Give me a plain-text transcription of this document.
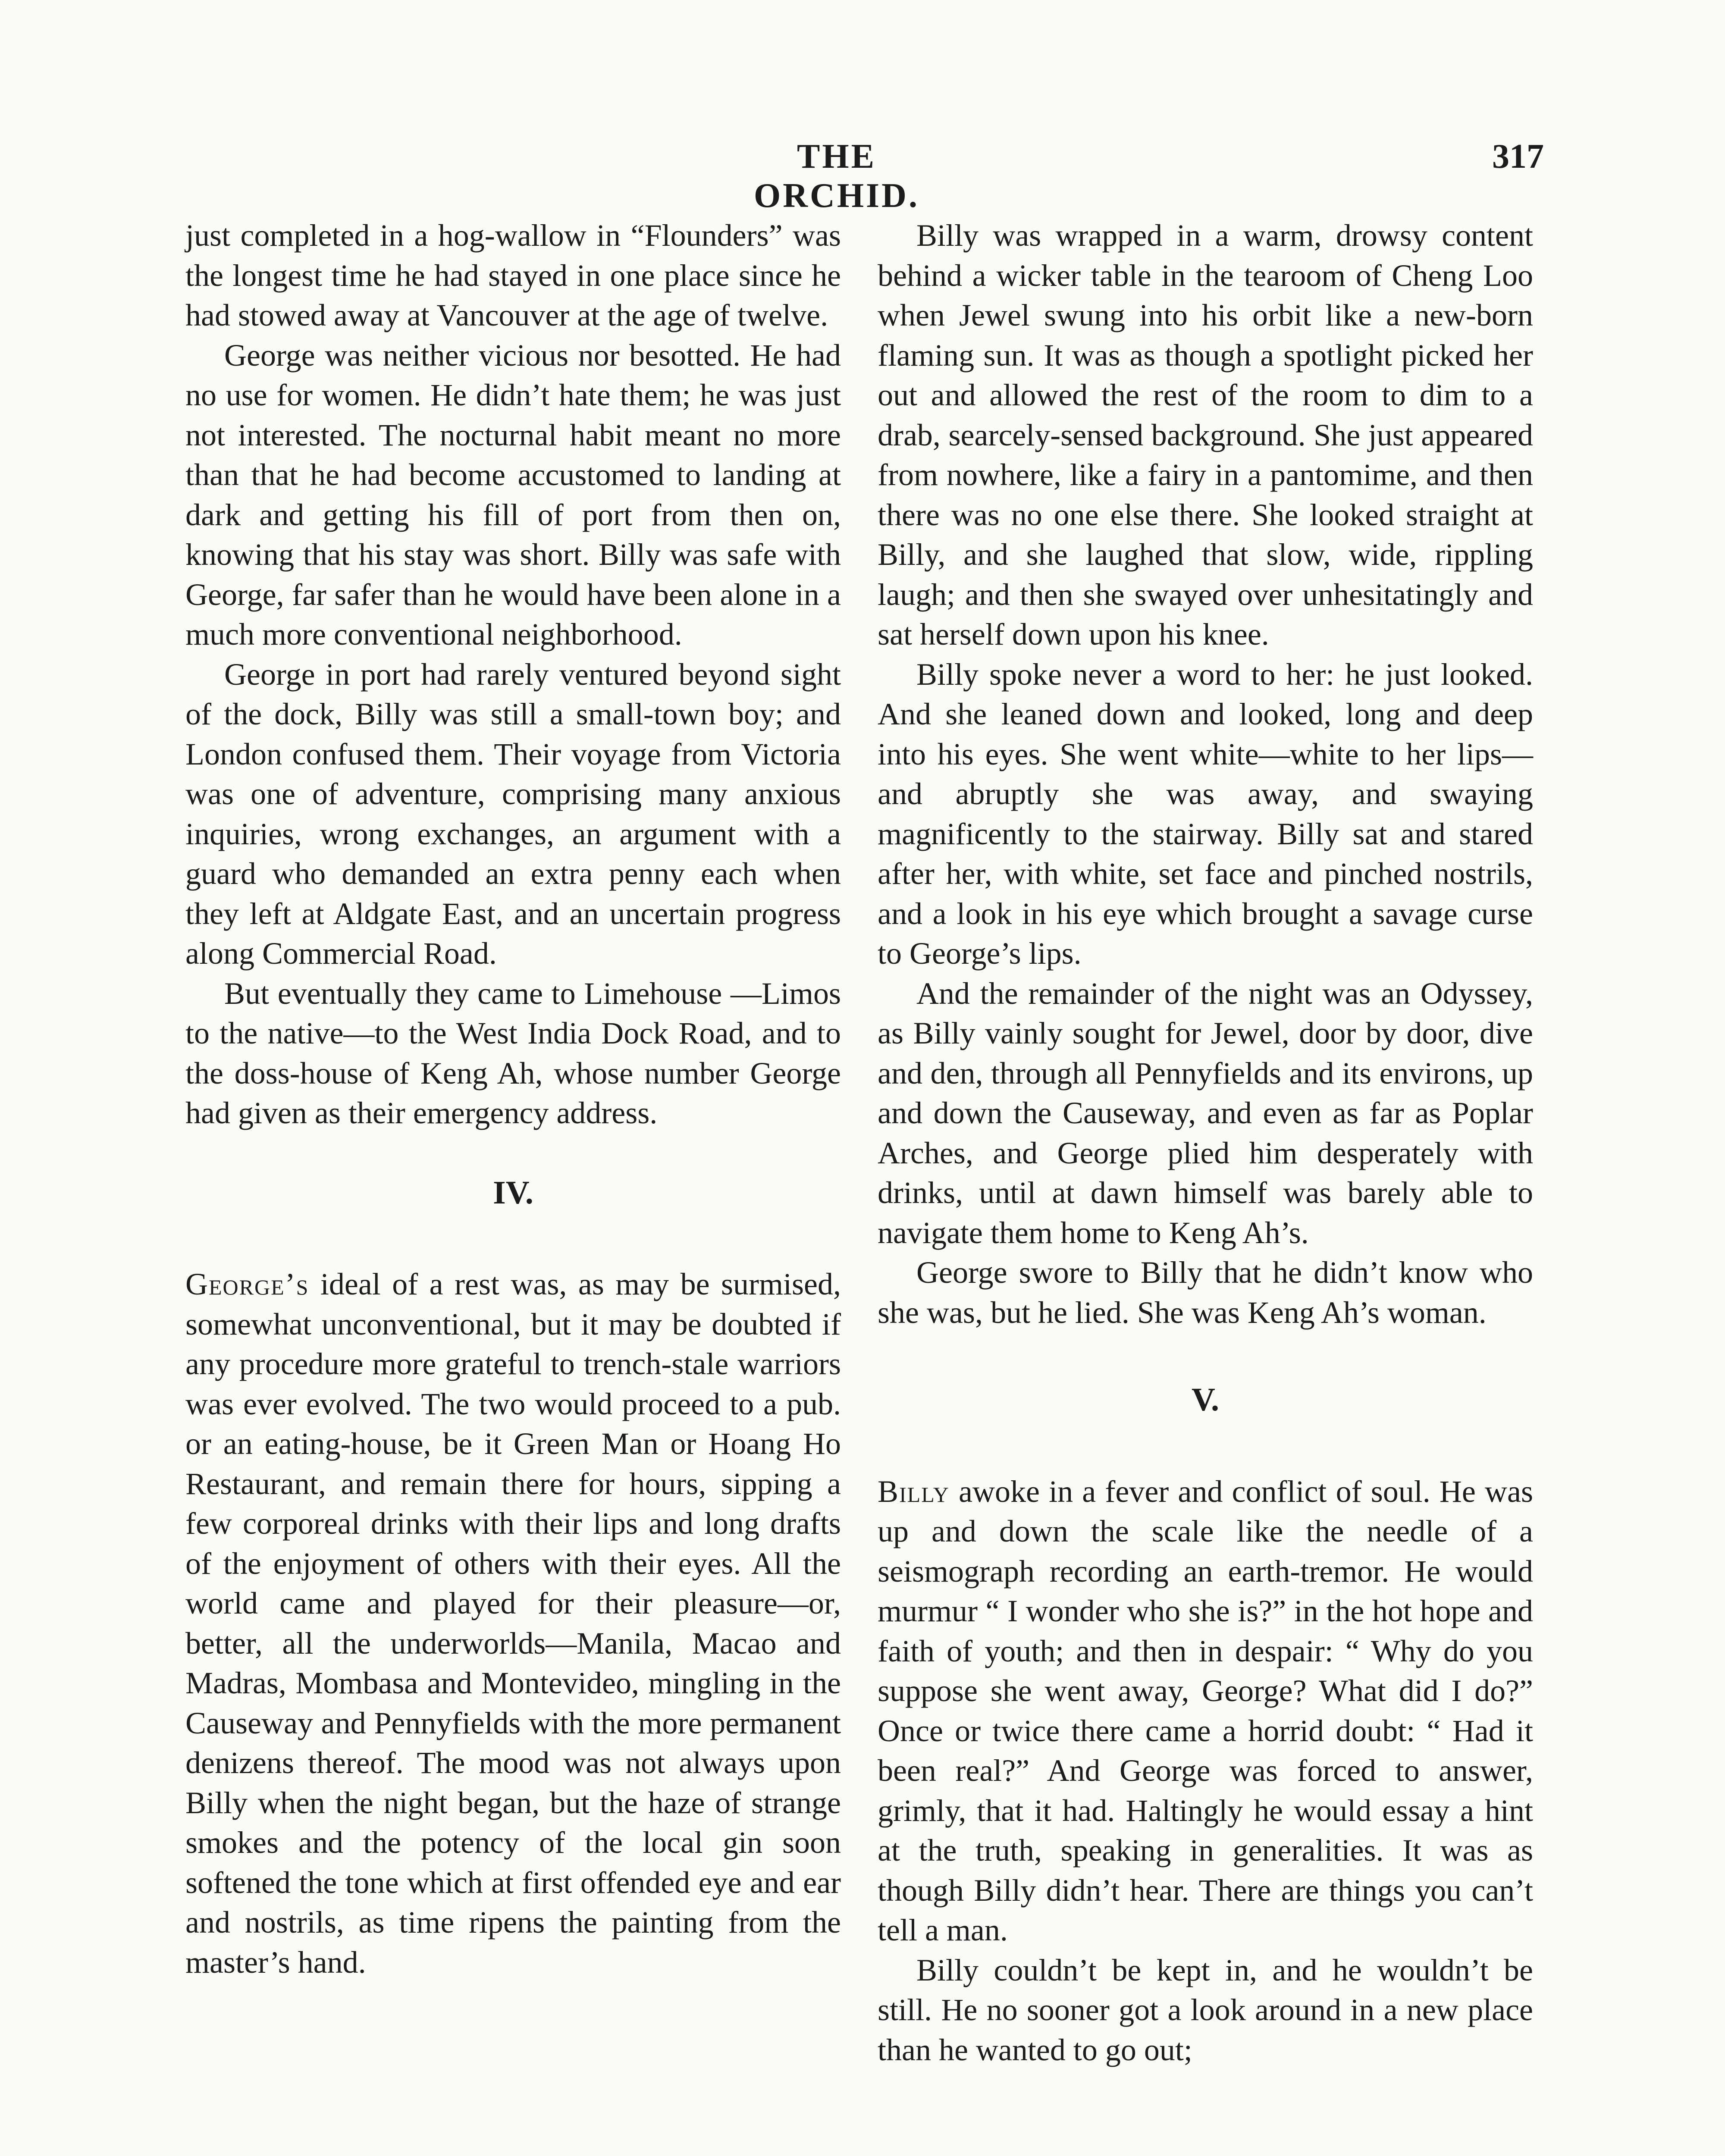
THE ORCHID.
317

just completed in a hog-wallow in “Flounders” was the longest time he had stayed in one place since he had stowed away at Vancouver at the age of twelve.

George was neither vicious nor besotted. He had no use for women. He didn’t hate them; he was just not interested. The nocturnal habit meant no more than that he had become accustomed to landing at dark and getting his fill of port from then on, knowing that his stay was short. Billy was safe with George, far safer than he would have been alone in a much more conventional neighborhood.

George in port had rarely ventured beyond sight of the dock, Billy was still a small-town boy; and London confused them. Their voyage from Victoria was one of adventure, comprising many anxious inquiries, wrong exchanges, an argument with a guard who demanded an extra penny each when they left at Aldgate East, and an uncertain progress along Commercial Road.

But eventually they came to Limehouse —Limos to the native—to the West India Dock Road, and to the doss-house of Keng Ah, whose number George had given as their emergency address.

IV.

George’s ideal of a rest was, as may be surmised, somewhat unconventional, but it may be doubted if any procedure more grateful to trench-stale warriors was ever evolved. The two would proceed to a pub. or an eating-house, be it Green Man or Hoang Ho Restaurant, and remain there for hours, sipping a few corporeal drinks with their lips and long drafts of the enjoyment of others with their eyes. All the world came and played for their pleasure—or, better, all the underworlds—Manila, Macao and Madras, Mombasa and Montevideo, mingling in the Causeway and Pennyfields with the more permanent denizens thereof. The mood was not always upon Billy when the night began, but the haze of strange smokes and the potency of the local gin soon softened the tone which at first offended eye and ear and nostrils, as time ripens the painting from the master’s hand.

Billy was wrapped in a warm, drowsy content behind a wicker table in the tearoom of Cheng Loo when Jewel swung into his orbit like a new-born flaming sun. It was as though a spotlight picked her out and allowed the rest of the room to dim to a drab, searcely-sensed background. She just appeared from nowhere, like a fairy in a pantomime, and then there was no one else there. She looked straight at Billy, and she laughed that slow, wide, rippling laugh; and then she swayed over unhesitatingly and sat herself down upon his knee.

Billy spoke never a word to her: he just looked. And she leaned down and looked, long and deep into his eyes. She went white—white to her lips—and abruptly she was away, and swaying magnificently to the stairway. Billy sat and stared after her, with white, set face and pinched nostrils, and a look in his eye which brought a savage curse to George’s lips.

And the remainder of the night was an Odyssey, as Billy vainly sought for Jewel, door by door, dive and den, through all Pennyfields and its environs, up and down the Causeway, and even as far as Poplar Arches, and George plied him desperately with drinks, until at dawn himself was barely able to navigate them home to Keng Ah’s.

George swore to Billy that he didn’t know who she was, but he lied. She was Keng Ah’s woman.

V.

Billy awoke in a fever and conflict of soul. He was up and down the scale like the needle of a seismograph recording an earth-tremor. He would murmur “ I wonder who she is?” in the hot hope and faith of youth; and then in despair: “ Why do you suppose she went away, George? What did I do?” Once or twice there came a horrid doubt: “ Had it been real?” And George was forced to answer, grimly, that it had. Haltingly he would essay a hint at the truth, speaking in generalities. It was as though Billy didn’t hear. There are things you can’t tell a man.

Billy couldn’t be kept in, and he wouldn’t be still. He no sooner got a look around in a new place than he wanted to go out;
